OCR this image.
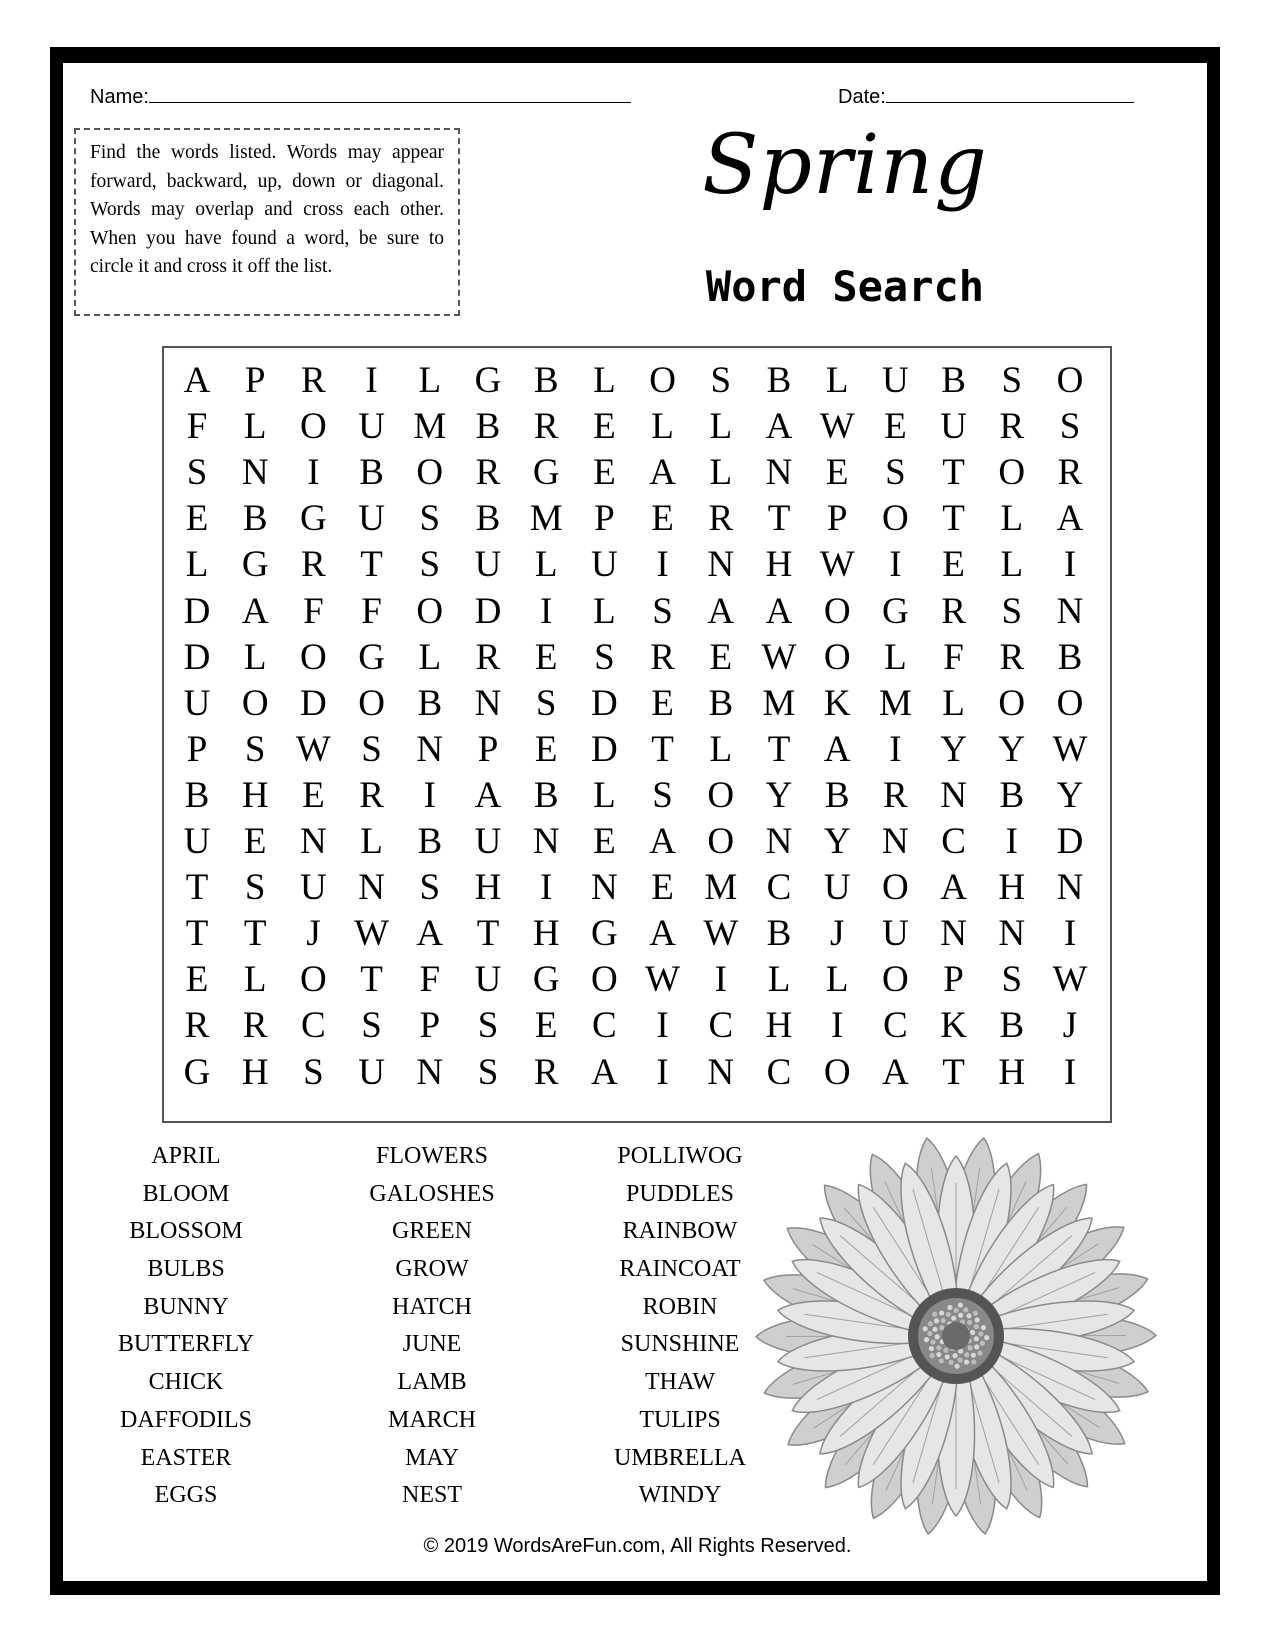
Name:	Date:
Find the words listed. Words may appear forward, backward, up, down or diagonal. Words may overlap and cross each other. When you have found a word, be sure to circle it and cross it off the list.
Spring
Word Search
A P R	I	L G B L O S B L U B S O
F L O U M B R E L L A W E U R S
S N	I	B O R G E A L N E S T O R
E B G U S B M P E R T P O T L A
L G R T S U L U	I	N H W I	E L	I
D A F	F O D	I	L S A A O G R S N
D L O G L R E S R E W O L F R B
U O D O B N S D E B M K M L O O
P	S W S N P E D T L T A	I	Y Y W
B H E R	I	A B L S O Y B R N B Y
U E N L B U N E A O N Y N C	I	D
T S U N S H	I	N E M C U O A H N
T T	J W A T H G A W B	J	U N N	I
E L O T F U G O W I	L L O P	S W
R R C S	P	S E C	I	C H	I	C K B	J
G H S U N S R A	I	N C O A T H	I
APRIL
BLOOM
BLOSSOM
BULBS
BUNNY
BUTTERFLY
CHICK
DAFFODILS
EASTER
EGGS
FLOWERS
GALOSHES
GREEN
GROW
HATCH
JUNE
LAMB
MARCH
MAY
NEST
POLLIWOG
PUDDLES
RAINBOW
RAINCOAT
ROBIN
SUNSHINE
THAW
TULIPS
UMBRELLA
WINDY
© 2019 WordsAreFun.com, All Rights Reserved.
